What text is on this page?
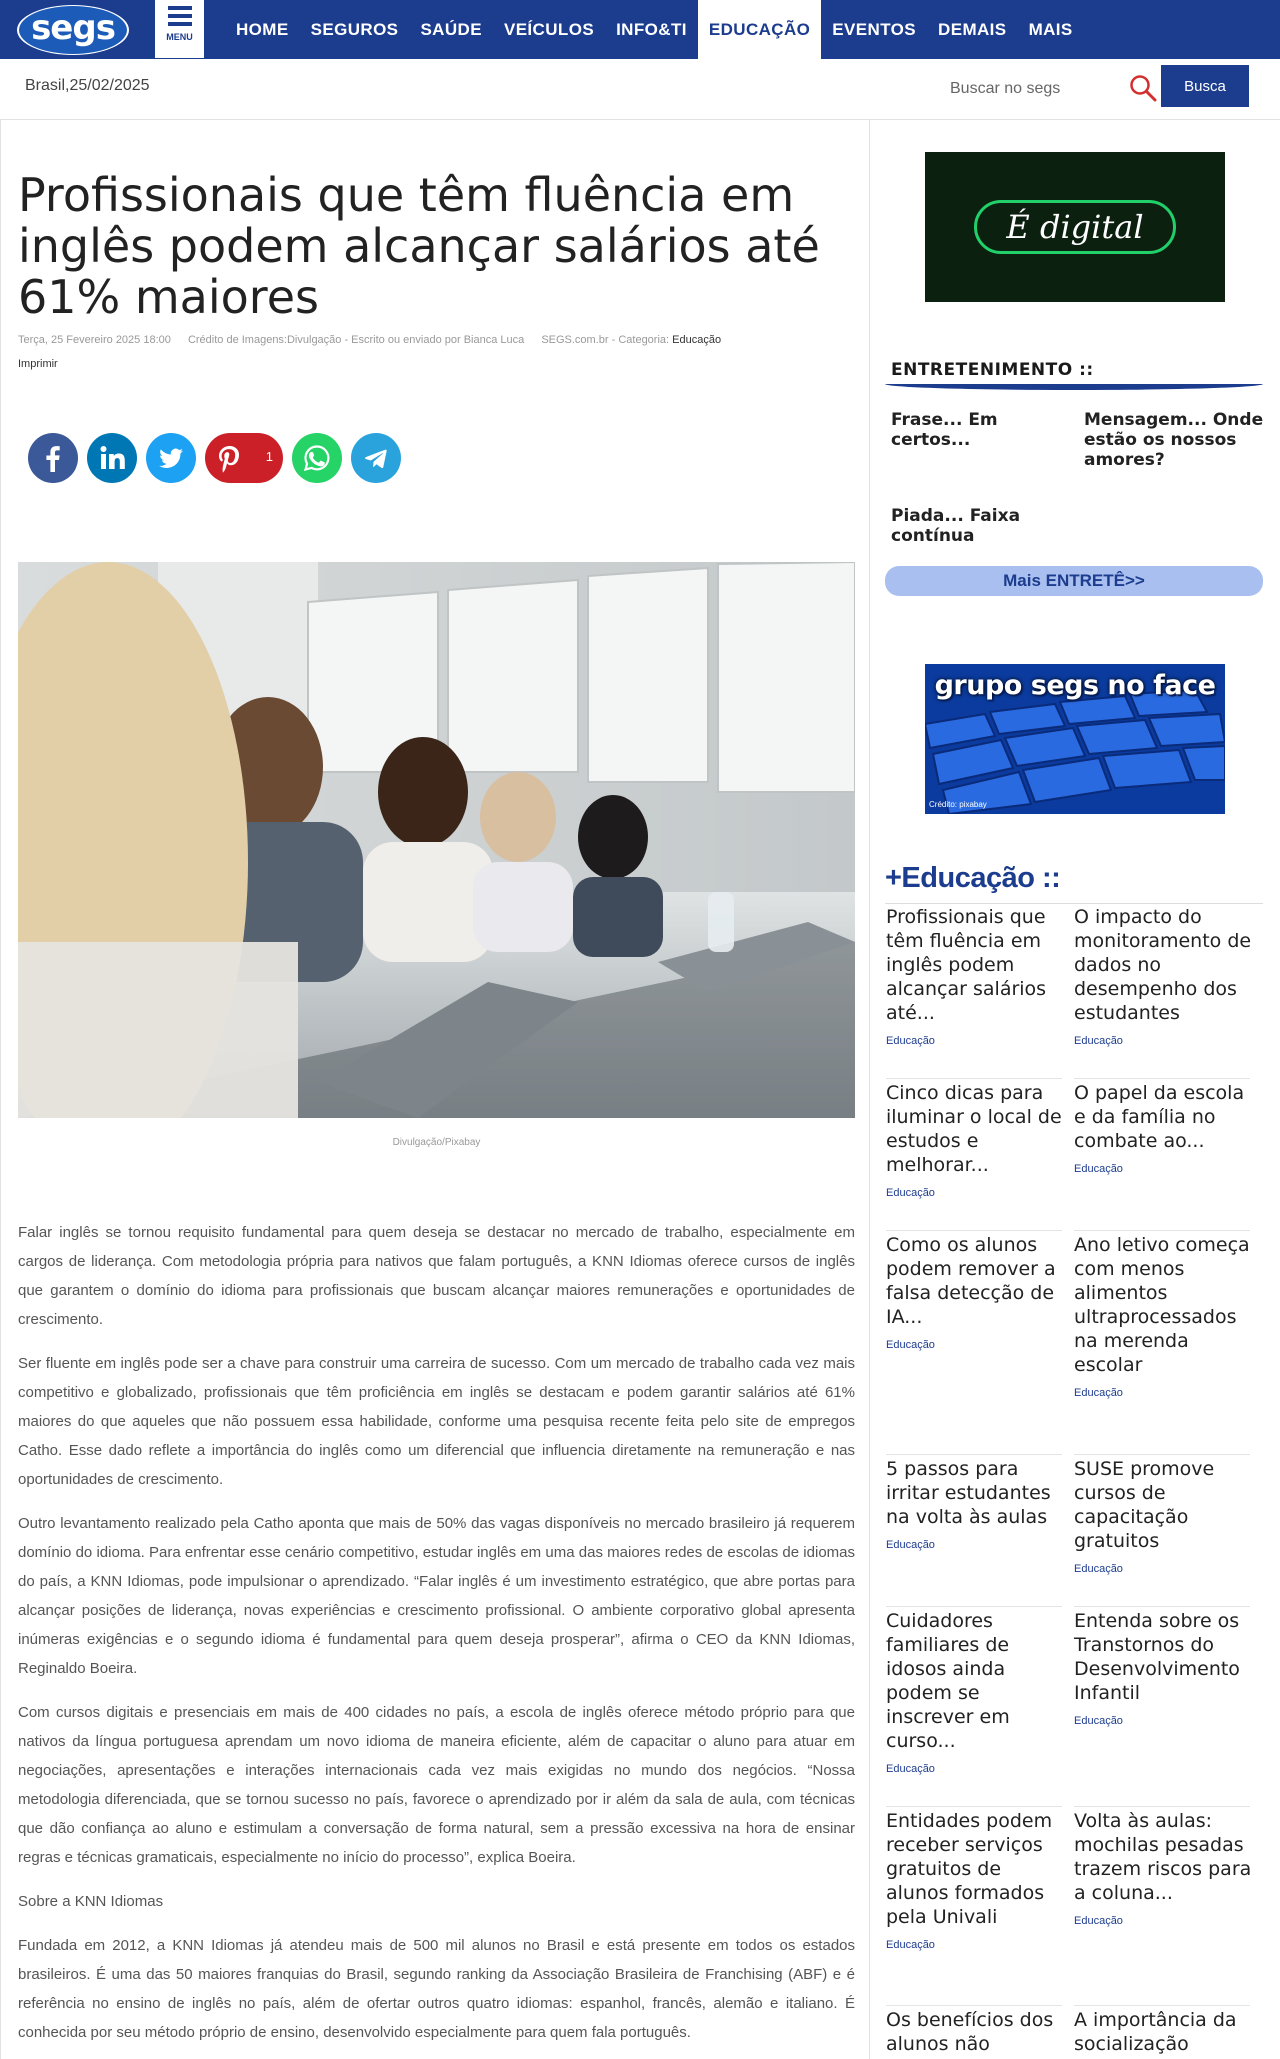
segs	MENU	HOME	SEGUROS	SAÚDE	VEÍCULOS	INFO&TI	EDUCAÇÃO	EVENTOS	DEMAIS	MAIS
Brasil,25/02/2025
Buscar no segs	Busca
Profissionais que têm fluência em inglês podem alcançar salários até 61% maiores
Terça, 25 Fevereiro 2025 18:00 Crédito de Imagens:Divulgação - Escrito ou enviado por Bianca Luca SEGS.com.br - Categoria: Educação
Imprimir
1
Divulgação/Pixabay

Falar inglês se tornou requisito fundamental para quem deseja se destacar no mercado de trabalho, especialmente em cargos de liderança. Com metodologia própria para nativos que falam português, a KNN Idiomas oferece cursos de inglês que garantem o domínio do idioma para profissionais que buscam alcançar maiores remunerações e oportunidades de crescimento.

Ser fluente em inglês pode ser a chave para construir uma carreira de sucesso. Com um mercado de trabalho cada vez mais competitivo e globalizado, profissionais que têm proficiência em inglês se destacam e podem garantir salários até 61% maiores do que aqueles que não possuem essa habilidade, conforme uma pesquisa recente feita pelo site de empregos Catho. Esse dado reflete a importância do inglês como um diferencial que influencia diretamente na remuneração e nas oportunidades de crescimento.

Outro levantamento realizado pela Catho aponta que mais de 50% das vagas disponíveis no mercado brasileiro já requerem domínio do idioma. Para enfrentar esse cenário competitivo, estudar inglês em uma das maiores redes de escolas de idiomas do país, a KNN Idiomas, pode impulsionar o aprendizado. “Falar inglês é um investimento estratégico, que abre portas para alcançar posições de liderança, novas experiências e crescimento profissional. O ambiente corporativo global apresenta inúmeras exigências e o segundo idioma é fundamental para quem deseja prosperar”, afirma o CEO da KNN Idiomas, Reginaldo Boeira.

Com cursos digitais e presenciais em mais de 400 cidades no país, a escola de inglês oferece método próprio para que nativos da língua portuguesa aprendam um novo idioma de maneira eficiente, além de capacitar o aluno para atuar em negociações, apresentações e interações internacionais cada vez mais exigidas no mundo dos negócios. “Nossa metodologia diferenciada, que se tornou sucesso no país, favorece o aprendizado por ir além da sala de aula, com técnicas que dão confiança ao aluno e estimulam a conversação de forma natural, sem a pressão excessiva na hora de ensinar regras e técnicas gramaticais, especialmente no início do processo”, explica Boeira.

Sobre a KNN Idiomas

Fundada em 2012, a KNN Idiomas já atendeu mais de 500 mil alunos no Brasil e está presente em todos os estados brasileiros. É uma das 50 maiores franquias do Brasil, segundo ranking da Associação Brasileira de Franchising (ABF) e é referência no ensino de inglês no país, além de ofertar outros quatro idiomas: espanhol, francês, alemão e italiano. É conhecida por seu método próprio de ensino, desenvolvido especialmente para quem fala português.

É digital
ENTRETENIMENTO ::
Frase... Em certos...
Mensagem... Onde estão os nossos amores?
Piada... Faixa contínua
Mais ENTRETÊ>>
grupo segs no face
Crédito: pixabay
+Educação ::
Profissionais que têm fluência em inglês podem alcançar salários até...
Educação
O impacto do monitoramento de dados no desempenho dos estudantes
Educação
Cinco dicas para iluminar o local de estudos e melhorar...
Educação
O papel da escola e da família no combate ao...
Educação
Como os alunos podem remover a falsa detecção de IA...
Educação
Ano letivo começa com menos alimentos ultraprocessados na merenda escolar
Educação
5 passos para irritar estudantes na volta às aulas
Educação
SUSE promove cursos de capacitação gratuitos
Educação
Cuidadores familiares de idosos ainda podem se inscrever em curso...
Educação
Entenda sobre os Transtornos do Desenvolvimento Infantil
Educação
Entidades podem receber serviços gratuitos de alunos formados pela Univali
Educação
Volta às aulas: mochilas pesadas trazem riscos para a coluna...
Educação
Os benefícios dos alunos não
A importância da socialização
